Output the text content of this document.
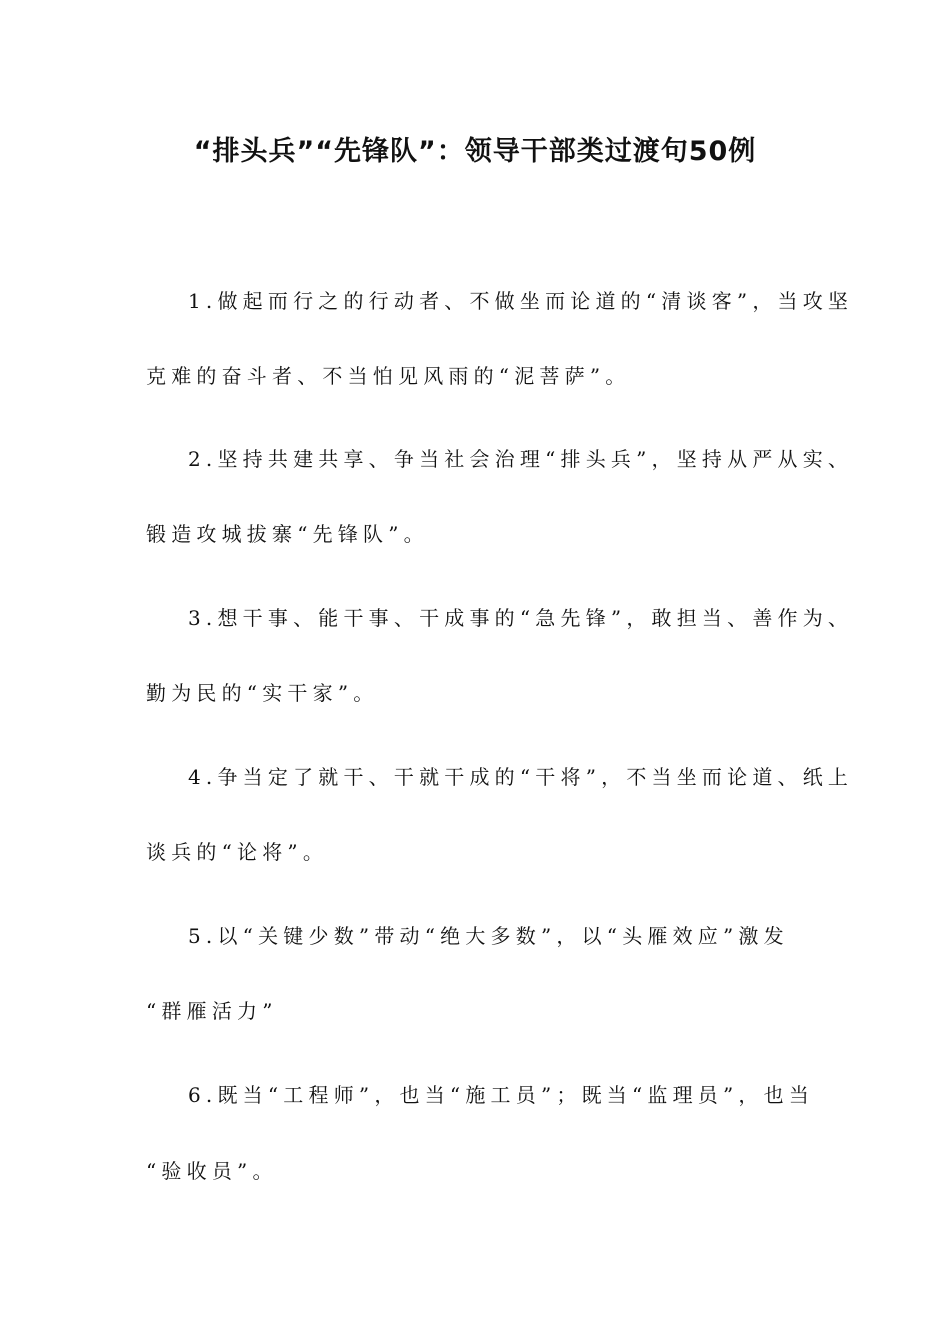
“排头兵”“先锋队”：领导干部类过渡句50例

1.做起而行之的行动者、不做坐而论道的“清谈客”，当攻坚

克难的奋斗者、不当怕见风雨的“泥菩萨”。

2.坚持共建共享、争当社会治理“排头兵”，坚持从严从实、

锻造攻城拔寨“先锋队”。

3.想干事、能干事、干成事的“急先锋”，敢担当、善作为、

勤为民的“实干家”。

4.争当定了就干、干就干成的“干将”，不当坐而论道、纸上

谈兵的“论将”。

5.以“关键少数”带动“绝大多数”，以“头雁效应”激发

“群雁活力”

6.既当“工程师”，也当“施工员”；既当“监理员”，也当

“验收员”。
